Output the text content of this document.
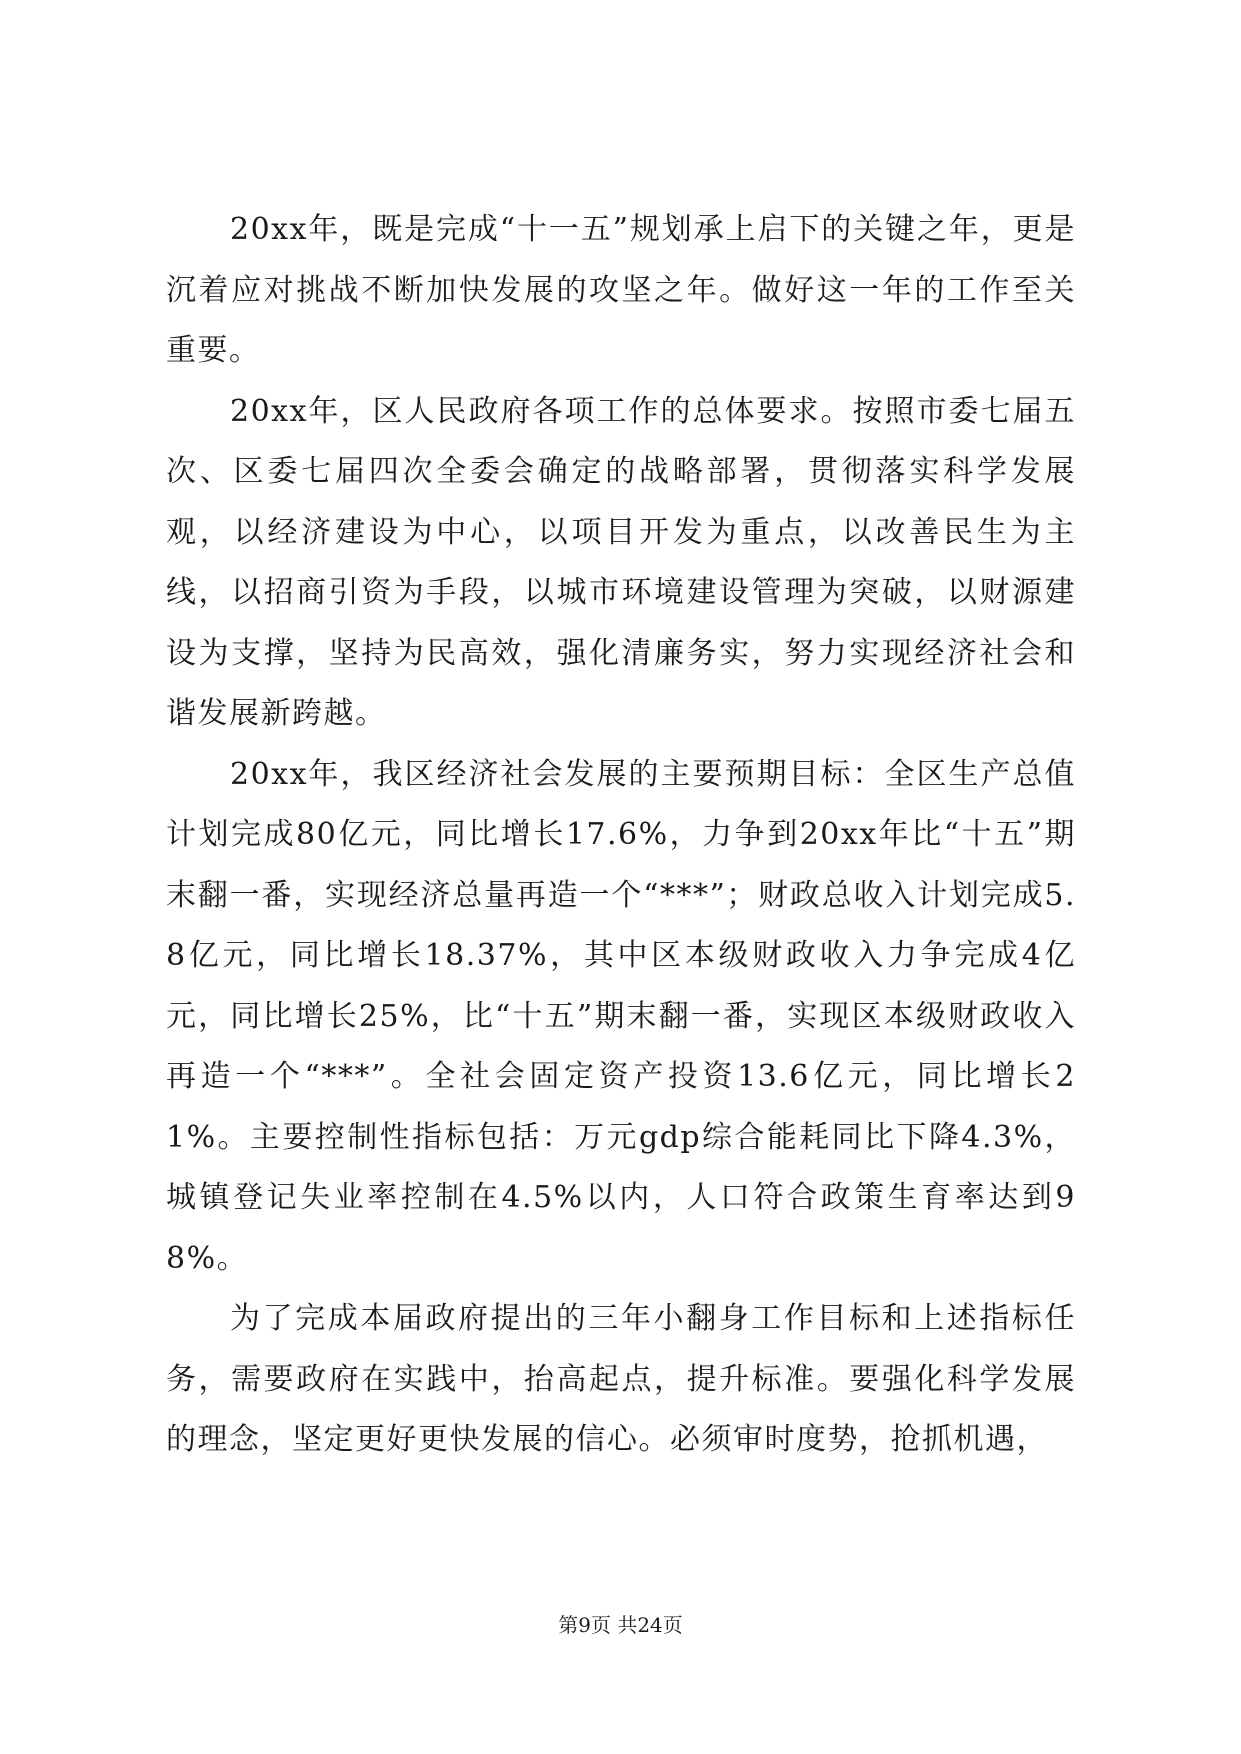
20xx年，既是完成“十一五”规划承上启下的关键之年，更是沉着应对挑战不断加快发展的攻坚之年。做好这一年的工作至关重要。

20xx年，区人民政府各项工作的总体要求。按照市委七届五次、区委七届四次全委会确定的战略部署，贯彻落实科学发展观，以经济建设为中心，以项目开发为重点，以改善民生为主线，以招商引资为手段，以城市环境建设管理为突破，以财源建设为支撑，坚持为民高效，强化清廉务实，努力实现经济社会和谐发展新跨越。

20xx年，我区经济社会发展的主要预期目标：全区生产总值计划完成80亿元，同比增长17.6%，力争到20xx年比“十五”期末翻一番，实现经济总量再造一个“***”；财政总收入计划完成5.8亿元，同比增长18.37%，其中区本级财政收入力争完成4亿元，同比增长25%，比“十五”期末翻一番，实现区本级财政收入再造一个“***”。全社会固定资产投资13.6亿元，同比增长21%。主要控制性指标包括：万元gdp综合能耗同比下降4.3%，城镇登记失业率控制在4.5%以内，人口符合政策生育率达到98%。

为了完成本届政府提出的三年小翻身工作目标和上述指标任务，需要政府在实践中，抬高起点，提升标准。要强化科学发展的理念，坚定更好更快发展的信心。必须审时度势，抢抓机遇，

第9页 共24页
